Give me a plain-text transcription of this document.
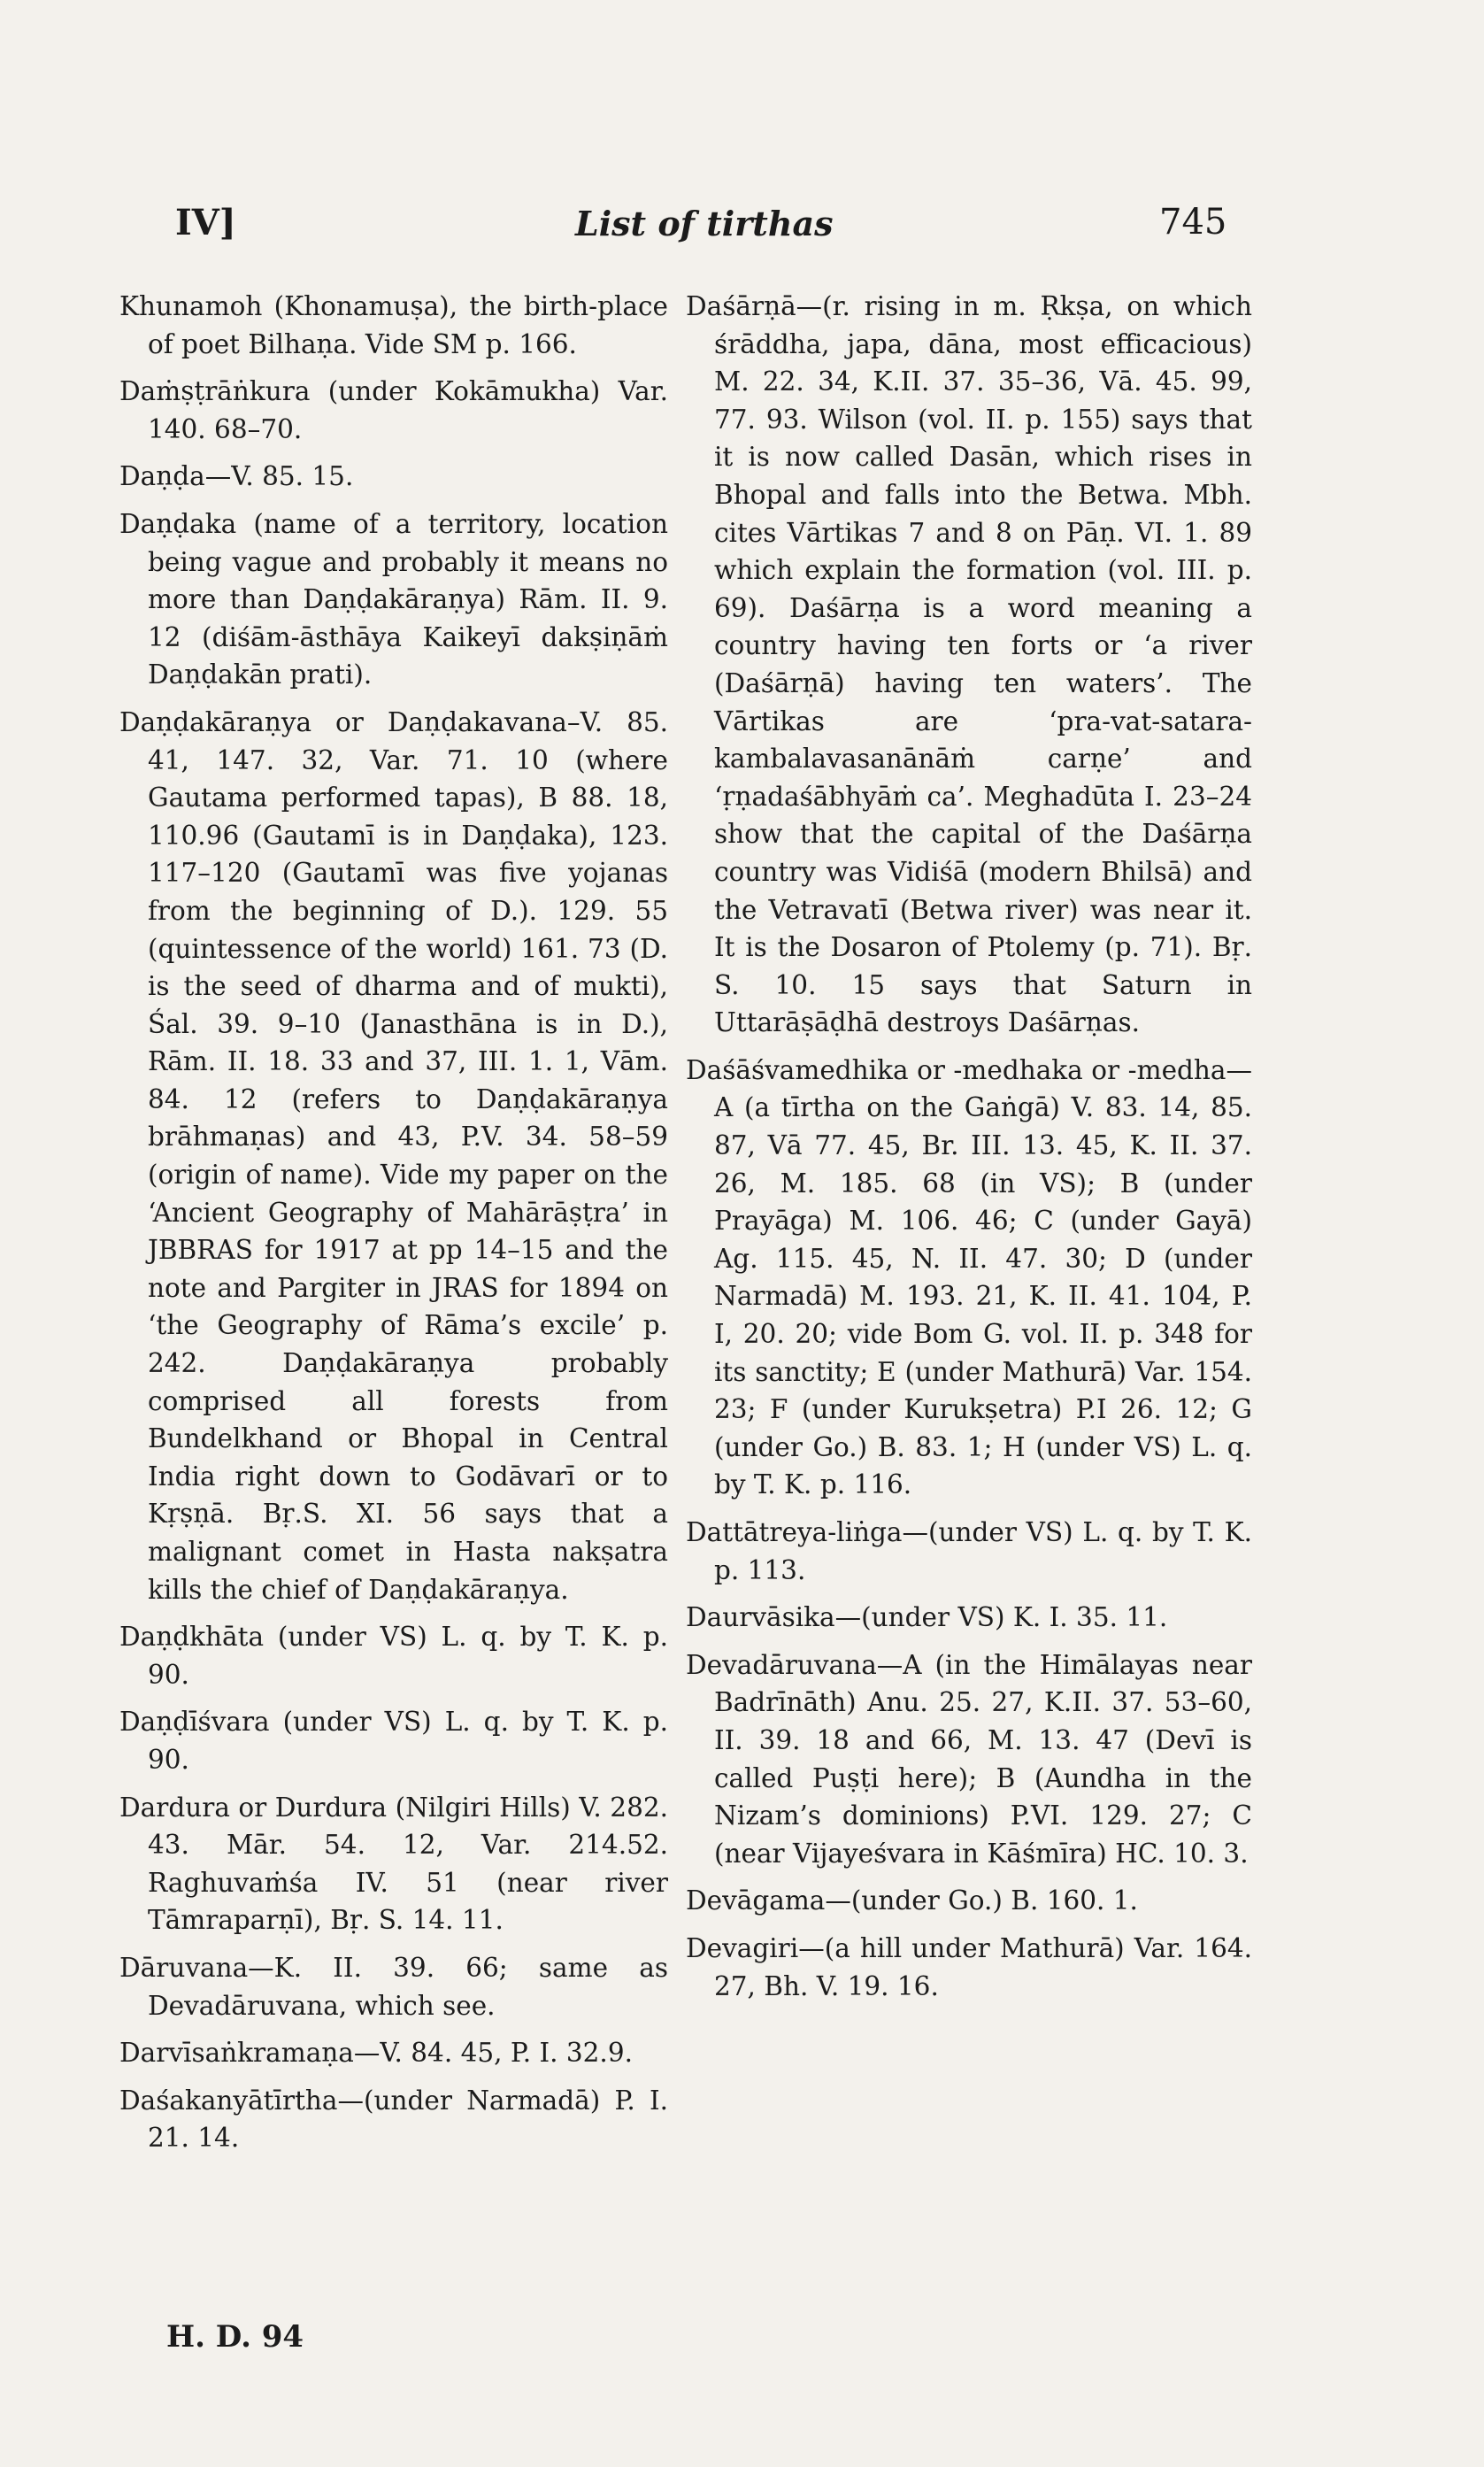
IV]	List of tirthas	745
Khunamoh (Khonamuṣa), the birth-place of poet Bilhaṇa. Vide SM p. 166.
Daṁṣṭrāṅkura (under Kokāmukha) Var. 140. 68–70.
Daṇḍa—V. 85. 15.
Daṇḍaka (name of a territory, location being vague and probably it means no more than Daṇḍakāraṇya) Rām. II. 9. 12 (diśām-āsthāya Kaikeyī dakṣiṇāṁ Daṇḍakān prati).
Daṇḍakāraṇya or Daṇḍakavana–V. 85. 41, 147. 32, Var. 71. 10 (where Gautama performed tapas), B 88. 18, 110.96 (Gautamī is in Daṇḍaka), 123. 117–120 (Gautamī was five yojanas from the beginning of D.). 129. 55 (quintessence of the world) 161. 73 (D. is the seed of dharma and of mukti), Śal. 39. 9–10 (Janasthāna is in D.), Rām. II. 18. 33 and 37, III. 1. 1, Vām. 84. 12 (refers to Daṇḍakāraṇya brāhmaṇas) and 43, P.V. 34. 58–59 (origin of name). Vide my paper on the ‘Ancient Geography of Mahārāṣṭra’ in JBBRAS for 1917 at pp 14–15 and the note and Pargiter in JRAS for 1894 on ‘the Geography of Rāma’s excile’ p. 242. Daṇḍakāraṇya probably comprised all forests from Bundelkhand or Bhopal in Central India right down to Godāvarī or to Kṛṣṇā. Bṛ.S. XI. 56 says that a malignant comet in Hasta nakṣatra kills the chief of Daṇḍakāraṇya.
Daṇḍkhāta (under VS) L. q. by T. K. p. 90.
Daṇḍīśvara (under VS) L. q. by T. K. p. 90.
Dardura or Durdura (Nilgiri Hills) V. 282. 43. Mār. 54. 12, Var. 214.52. Raghuvaṁśa IV. 51 (near river Tāmraparṇī), Bṛ. S. 14. 11.
Dāruvana—K. II. 39. 66; same as Devadāruvana, which see.
Darvīsaṅkramaṇa—V. 84. 45, P. I. 32.9.
Daśakanyātīrtha—(under Narmadā) P. I. 21. 14.
Daśārṇā—(r. rising in m. Ṛkṣa, on which śrāddha, japa, dāna, most efficacious) M. 22. 34, K.II. 37. 35–36, Vā. 45. 99, 77. 93. Wilson (vol. II. p. 155) says that it is now called Dasān, which rises in Bhopal and falls into the Betwa. Mbh. cites Vārtikas 7 and 8 on Pāṇ. VI. 1. 89 which explain the formation (vol. III. p. 69). Daśārṇa is a word meaning a country having ten forts or ‘a river (Daśārṇā) having ten waters’. The Vārtikas are ‘pra-vat-satara-kambalavasanānāṁ carṇe’ and ‘ṛṇadaśābhyāṁ ca’. Meghadūta I. 23–24 show that the capital of the Daśārṇa country was Vidiśā (modern Bhilsā) and the Vetravatī (Betwa river) was near it. It is the Dosaron of Ptolemy (p. 71). Bṛ. S. 10. 15 says that Saturn in Uttarāṣāḍhā destroys Daśārṇas.
Daśāśvamedhika or -medhaka or -medha—A (a tīrtha on the Gaṅgā) V. 83. 14, 85. 87, Vā 77. 45, Br. III. 13. 45, K. II. 37. 26, M. 185. 68 (in VS); B (under Prayāga) M. 106. 46; C (under Gayā) Ag. 115. 45, N. II. 47. 30; D (under Narmadā) M. 193. 21, K. II. 41. 104, P. I, 20. 20; vide Bom G. vol. II. p. 348 for its sanctity; E (under Mathurā) Var. 154. 23; F (under Kurukṣetra) P.I 26. 12; G (under Go.) B. 83. 1; H (under VS) L. q. by T. K. p. 116.
Dattātreya-liṅga—(under VS) L. q. by T. K. p. 113.
Daurvāsika—(under VS) K. I. 35. 11.
Devadāruvana—A (in the Himālayas near Badrīnāth) Anu. 25. 27, K.II. 37. 53–60, II. 39. 18 and 66, M. 13. 47 (Devī is called Puṣṭi here); B (Aundha in the Nizam’s dominions) P.VI. 129. 27; C (near Vijayeśvara in Kāśmīra) HC. 10. 3.
Devāgama—(under Go.) B. 160. 1.
Devagiri—(a hill under Mathurā) Var. 164. 27, Bh. V. 19. 16.
H. D. 94
